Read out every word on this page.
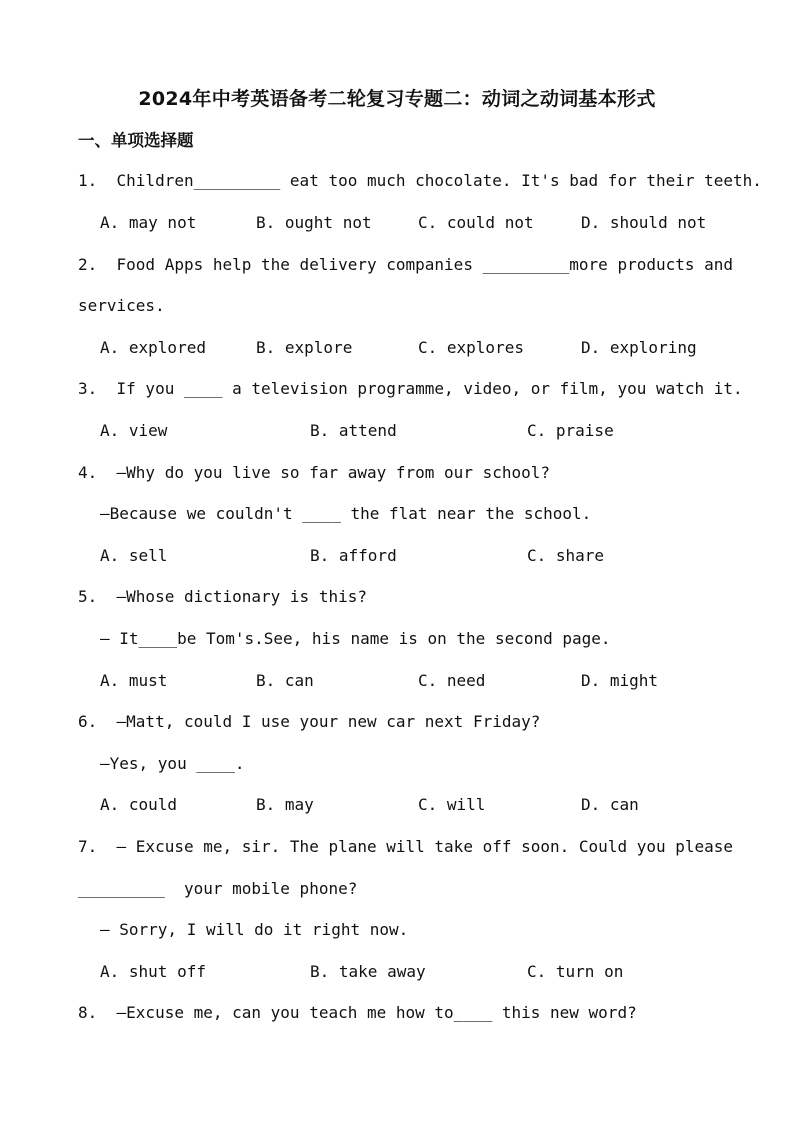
2024年中考英语备考二轮复习专题二：动词之动词基本形式
一、单项选择题
1.  Children_________ eat too much chocolate. It's bad for their teeth.
A. may not	B. ought not	C. could not	D. should not
2.  Food Apps help the delivery companies _________more products and
services.
A. explored	B. explore	C. explores	D. exploring
3.  If you ____ a television programme, video, or film, you watch it.
A. view	B. attend	C. praise
4.  —Why do you live so far away from our school?
—Because we couldn't ____ the flat near the school.
A. sell	B. afford	C. share
5.  —Whose dictionary is this?
— It____be Tom's.See, his name is on the second page.
A. must	B. can	C. need	D. might
6.  —Matt, could I use your new car next Friday?
—Yes, you ____.
A. could	B. may	C. will	D. can
7.  — Excuse me, sir. The plane will take off soon. Could you please
_________  your mobile phone?
— Sorry, I will do it right now.
A. shut off	B. take away	C. turn on
8.  —Excuse me, can you teach me how to____ this new word?
